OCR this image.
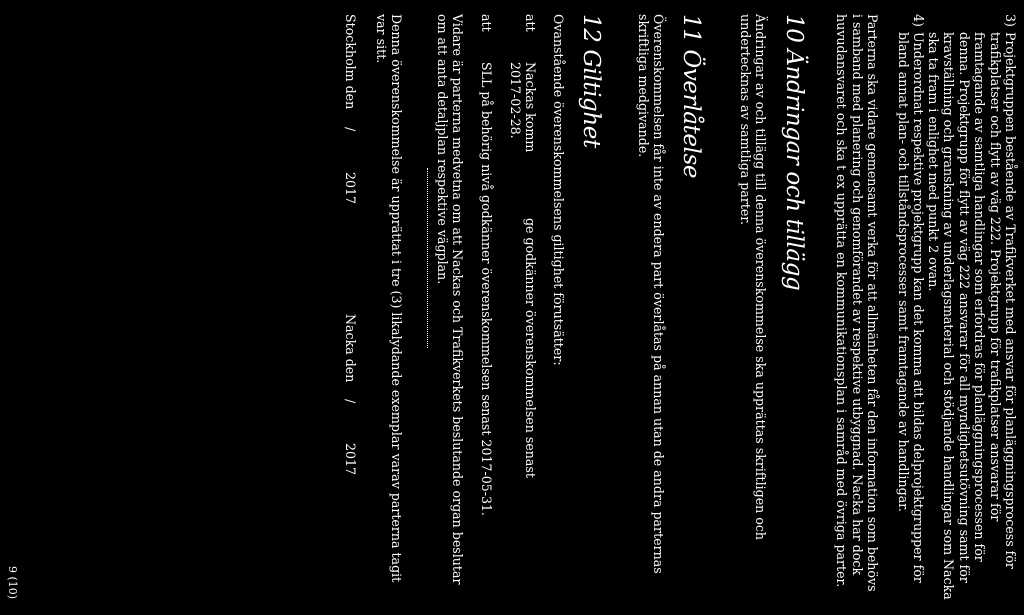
3)

Projektgruppen bestående av Trafikverket med ansvar för planläggningsprocess för trafikplatser och flytt av väg 222. Projektgrupp för trafikplatser ansvarar för framtagande av samtliga handlingar som erfordras för planläggningsprocessen för denna. Projektgrupp för flytt av väg 222 ansvarar för all myndighetsutövning samt för kravställning och granskning av underlagsmaterial och stödjande handlingar som Nacka ska ta fram i enlighet med punkt 2 ovan.

4)

Underordnat respektive projektgrupp kan det komma att bildas delprojektgrupper för bland annat plan- och tillståndsprocesser samt framtagande av handlingar.

Parterna ska vidare gemensamt verka för att allmänheten får den information som behövs i samband med planering och genomförandet av respektive utbyggnad. Nacka har dock huvudansvaret och ska t ex upprätta en kommunikationsplan i samråd med övriga parter.

10 Ändringar och tillägg

Ändringar av och tillägg till denna överenskommelse ska upprättas skriftligen och undertecknas av samtliga parter.

11 Överlåtelse

Överenskommelsen får inte av endera part överlåtas på annan utan de andra parternas skriftliga medgivande.

12 Giltighet

Ovanstående överenskommelsens giltighet förutsätter:

att
Nackas komm
ge godkänner överenskommelsen senast
2017-02-28.
att
SLL på behörig nivå godkänner överenskommelsen senast 2017-05-31.

Vidare är parterna medvetna om att Nackas och Trafikverkets beslutande organ beslutar om att anta detaljplan respektive vägplan.

Denna överenskommelse är upprättat i tre (3) likalydande exemplar varav parterna tagit var sitt.

Stockholm den
/
2017
Nacka den
/
2017
9 (10)
